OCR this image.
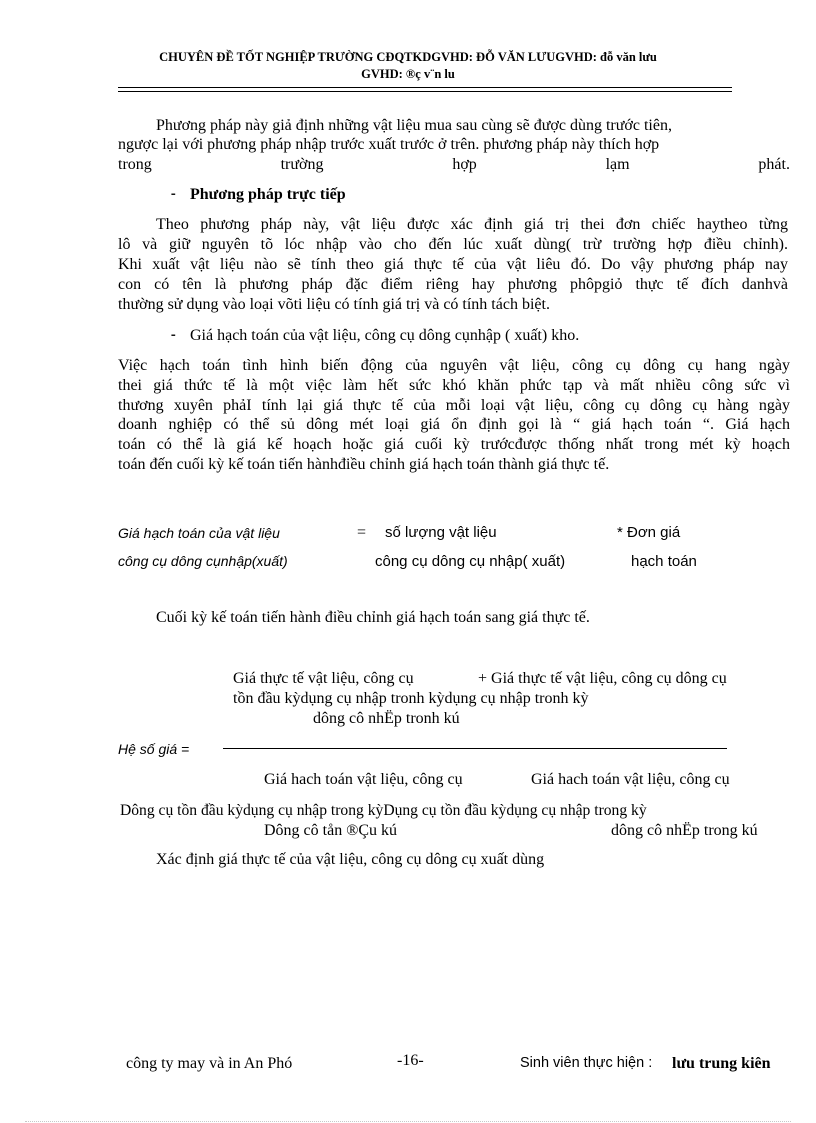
CHUYÊN ĐỀ TỐT NGHIỆP TRƯỜNG CĐQTKDGVHD: ĐỖ VĂN LƯUGVHD: đỗ văn lưu
GVHD: ®ç v¨n lu
Phương pháp này giả định những vật liệu mua sau cùng sẽ được dùng trước tiên,
ngược lại với phương pháp nhập trước xuất trước ở trên. phương pháp này thích hợp
trong	trường	hợp	lạm	phát.
⁃ Phương pháp trực tiếp
Theo phương pháp này, vật liệu được xác định giá trị thei đơn chiếc haytheo từng
lô và giữ nguyên tõ lóc nhập vào cho đến lúc xuất dùng( trừ trường hợp điều chỉnh).
Khi xuất vật liệu nào sẽ tính theo giá thực tế của vật liêu đó. Do vậy phương pháp nay
con có tên là phương pháp đặc điểm riêng hay phương phôpgiỏ thực tế đích danhvà
thường sử dụng vào loại võti liệu có tính giá trị và có tính tách biệt.
⁃ Giá hạch toán của vật liệu, công cụ dông cụnhập ( xuất) kho.
Việc hạch toán tình hình biến động của nguyên vật liệu, công cụ dông cụ hang ngày
thei giá thức tế là một việc làm hết sức khó khăn phức tạp và mất nhiều công sức vì
thương xuyên phảI tính lại giá thực tế của mỗi loại vật liệu, công cụ dông cụ hàng ngày
doanh nghiệp có thể sủ dông mét loại giá ổn định gọi là “ giá hạch toán “. Giá hạch
toán có thể là giá kế hoạch hoặc giá cuối kỳ trướcđược thống nhất trong mét kỳ hoạch
toán đến cuối kỳ kế toán tiến hànhđiều chỉnh giá hạch toán thành giá thực tế.
Giá hạch toán của vật liệu	= số lượng vật liệu	* Đơn giá
công cụ dông cụnhập(xuất)	công cụ dông cụ nhập( xuất)	hạch toán
Cuối kỳ kế toán tiến hành điều chỉnh giá hạch toán sang giá thực tế.
Giá thực tế vật liệu, công cụ	+ Giá thực tế vật liệu, công cụ dông cụ
tồn đầu kỳdụng cụ nhập tronh kỳdụng cụ nhập tronh kỳ
dông cô nhËp tronh kú
Hệ số giá =
Giá hach toán vật liệu, công cụ	Giá hach toán vật liệu, công cụ
Dông cụ tồn đầu kỳdụng cụ nhập trong kỳDụng cụ tồn đầu kỳdụng cụ nhập trong kỳ
Dông cô tån ®Çu kú	dông cô nhËp trong kú
Xác định giá thực tế của vật liệu, công cụ dông cụ xuất dùng
công ty may và in An Phó	-16-	Sinh viên thực hiện : lưu trung kiên
